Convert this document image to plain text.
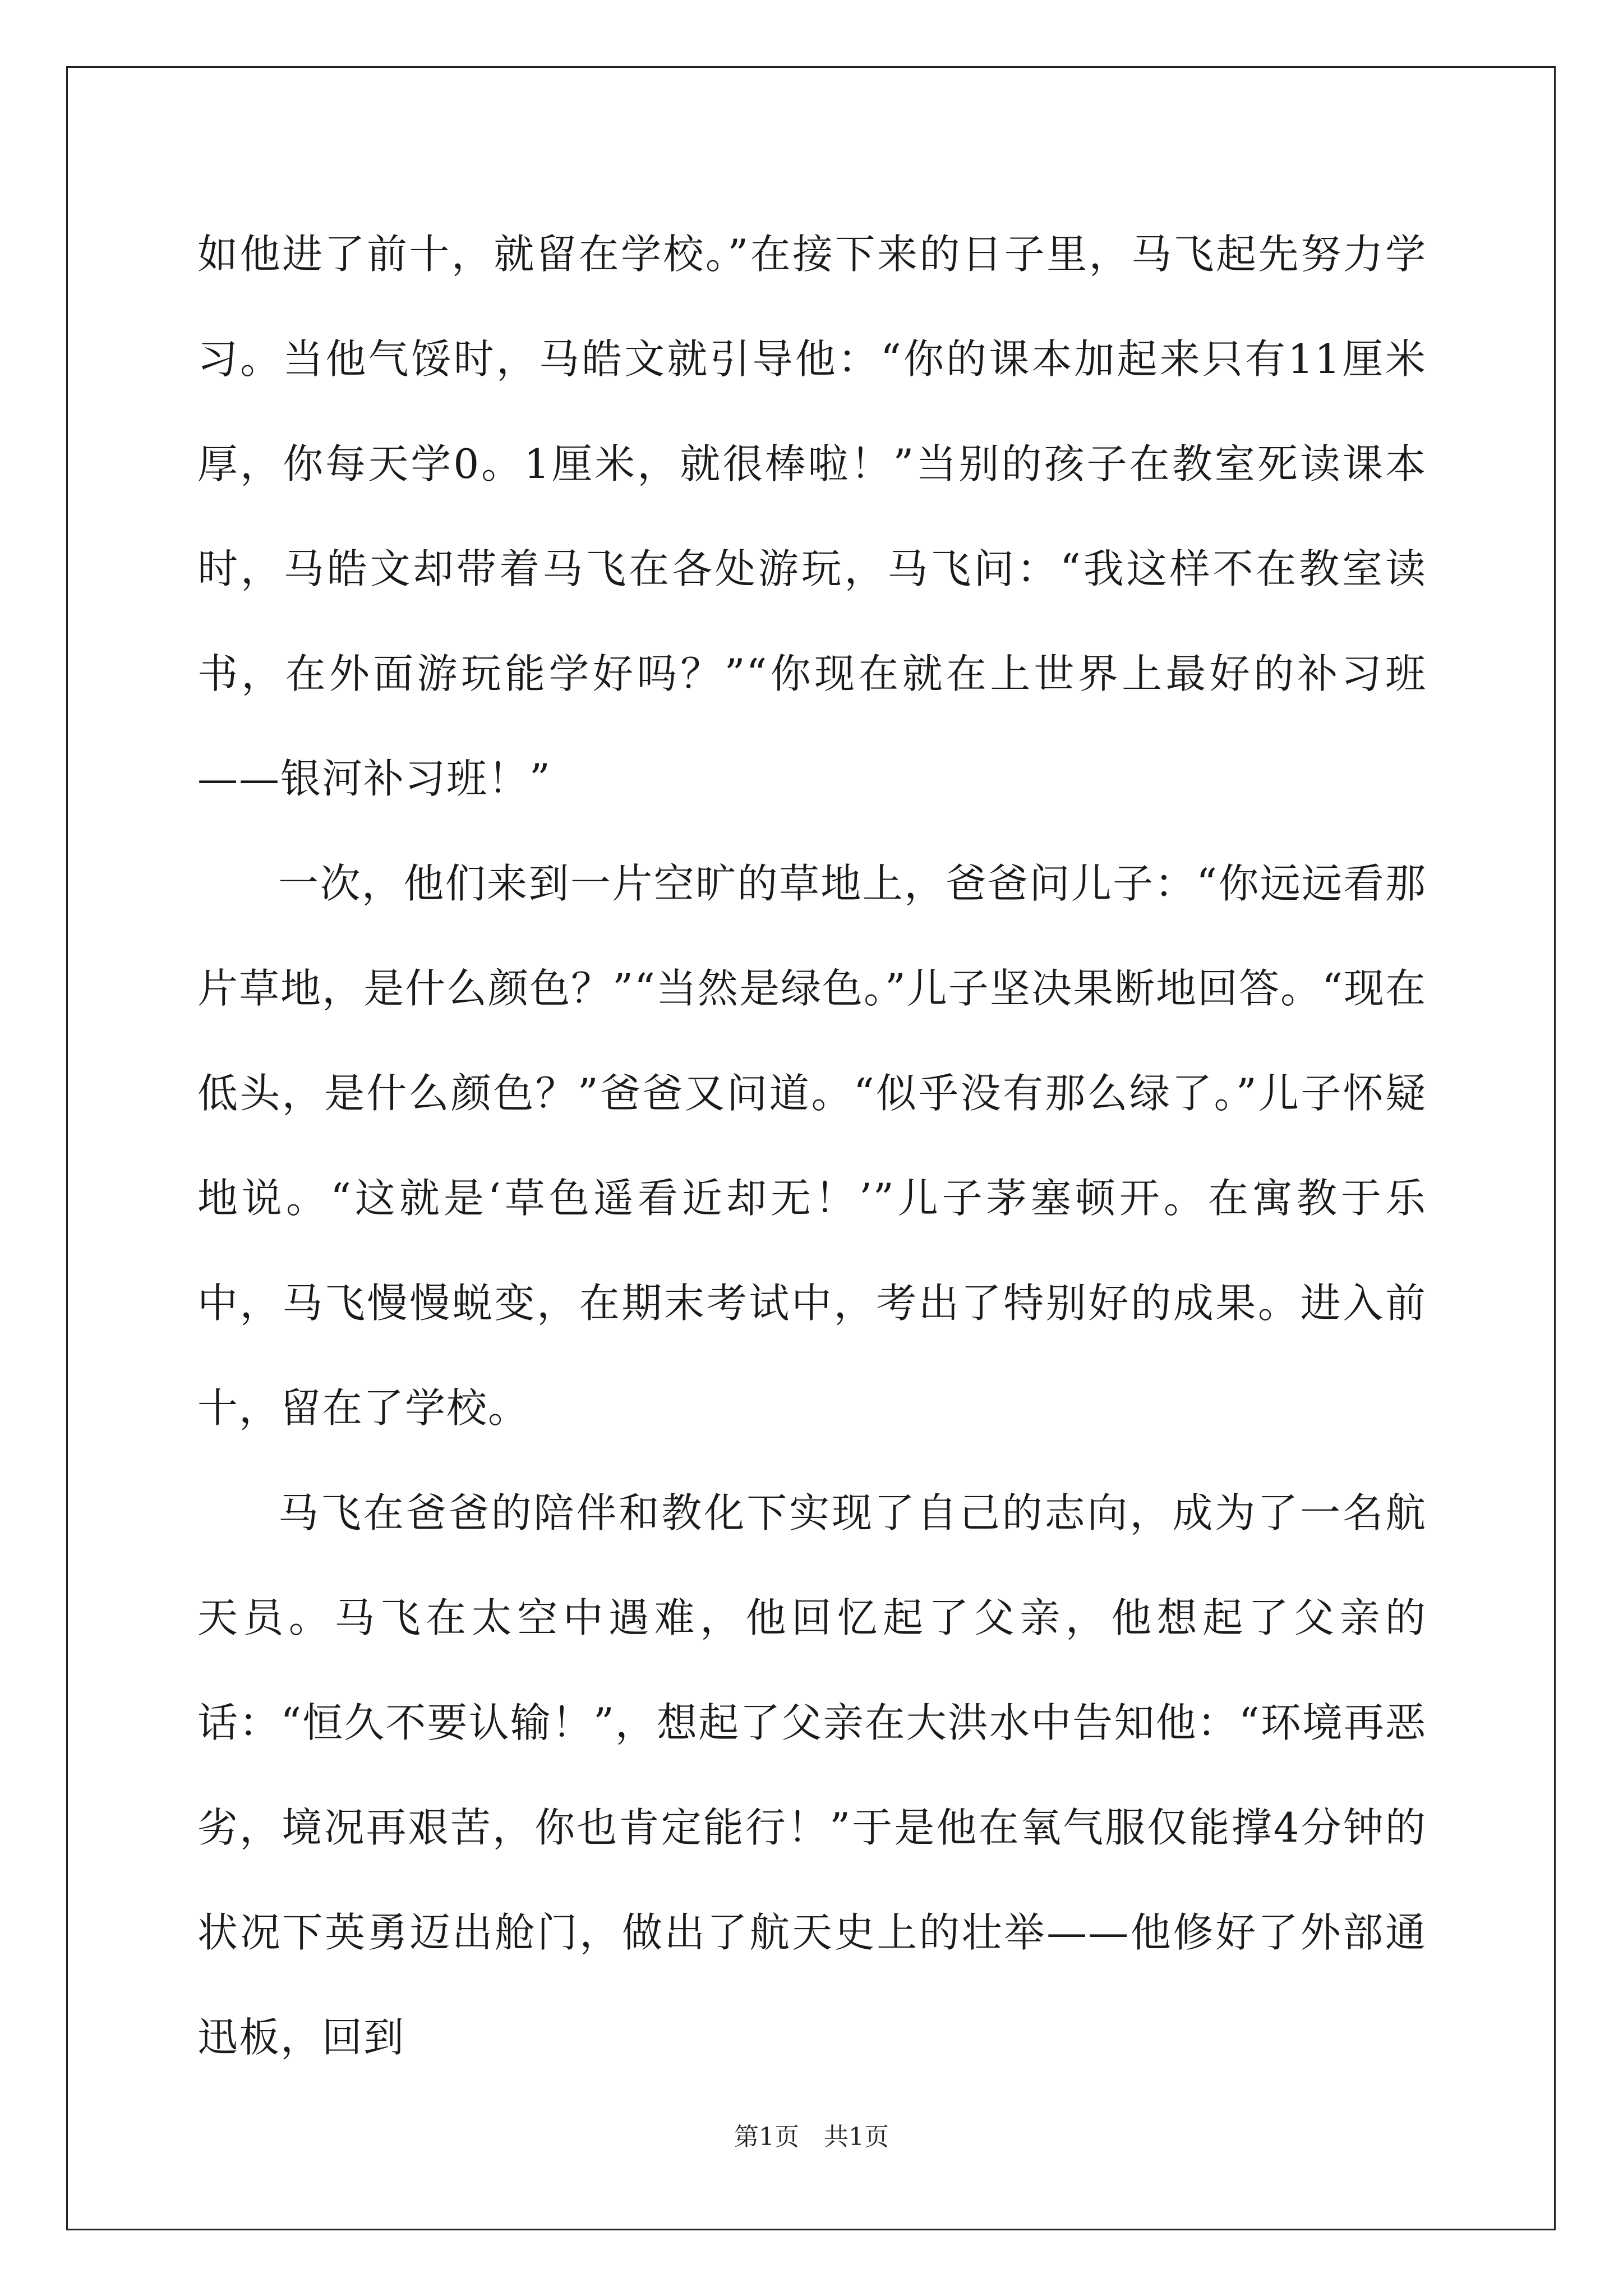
如他进了前十，就留在学校。”在接下来的日子里，马飞起先努力学习。当他气馁时，马皓文就引导他：“你的课本加起来只有11厘米厚，你每天学0。1厘米，就很棒啦！”当别的孩子在教室死读课本时，马皓文却带着马飞在各处游玩，马飞问：“我这样不在教室读书，在外面游玩能学好吗？”“你现在就在上世界上最好的补习班——银河补习班！”

一次，他们来到一片空旷的草地上，爸爸问儿子：“你远远看那片草地，是什么颜色？”“当然是绿色。”儿子坚决果断地回答。“现在低头，是什么颜色？”爸爸又问道。“似乎没有那么绿了。”儿子怀疑地说。“这就是‘草色遥看近却无！’”儿子茅塞顿开。在寓教于乐中，马飞慢慢蜕变，在期末考试中，考出了特别好的成果。进入前十，留在了学校。

马飞在爸爸的陪伴和教化下实现了自己的志向，成为了一名航天员。马飞在太空中遇难，他回忆起了父亲，他想起了父亲的话：“恒久不要认输！”，想起了父亲在大洪水中告知他：“环境再恶劣，境况再艰苦，你也肯定能行！”于是他在氧气服仅能撑4分钟的状况下英勇迈出舱门，做出了航天史上的壮举——他修好了外部通迅板，回到

第1页　共1页
